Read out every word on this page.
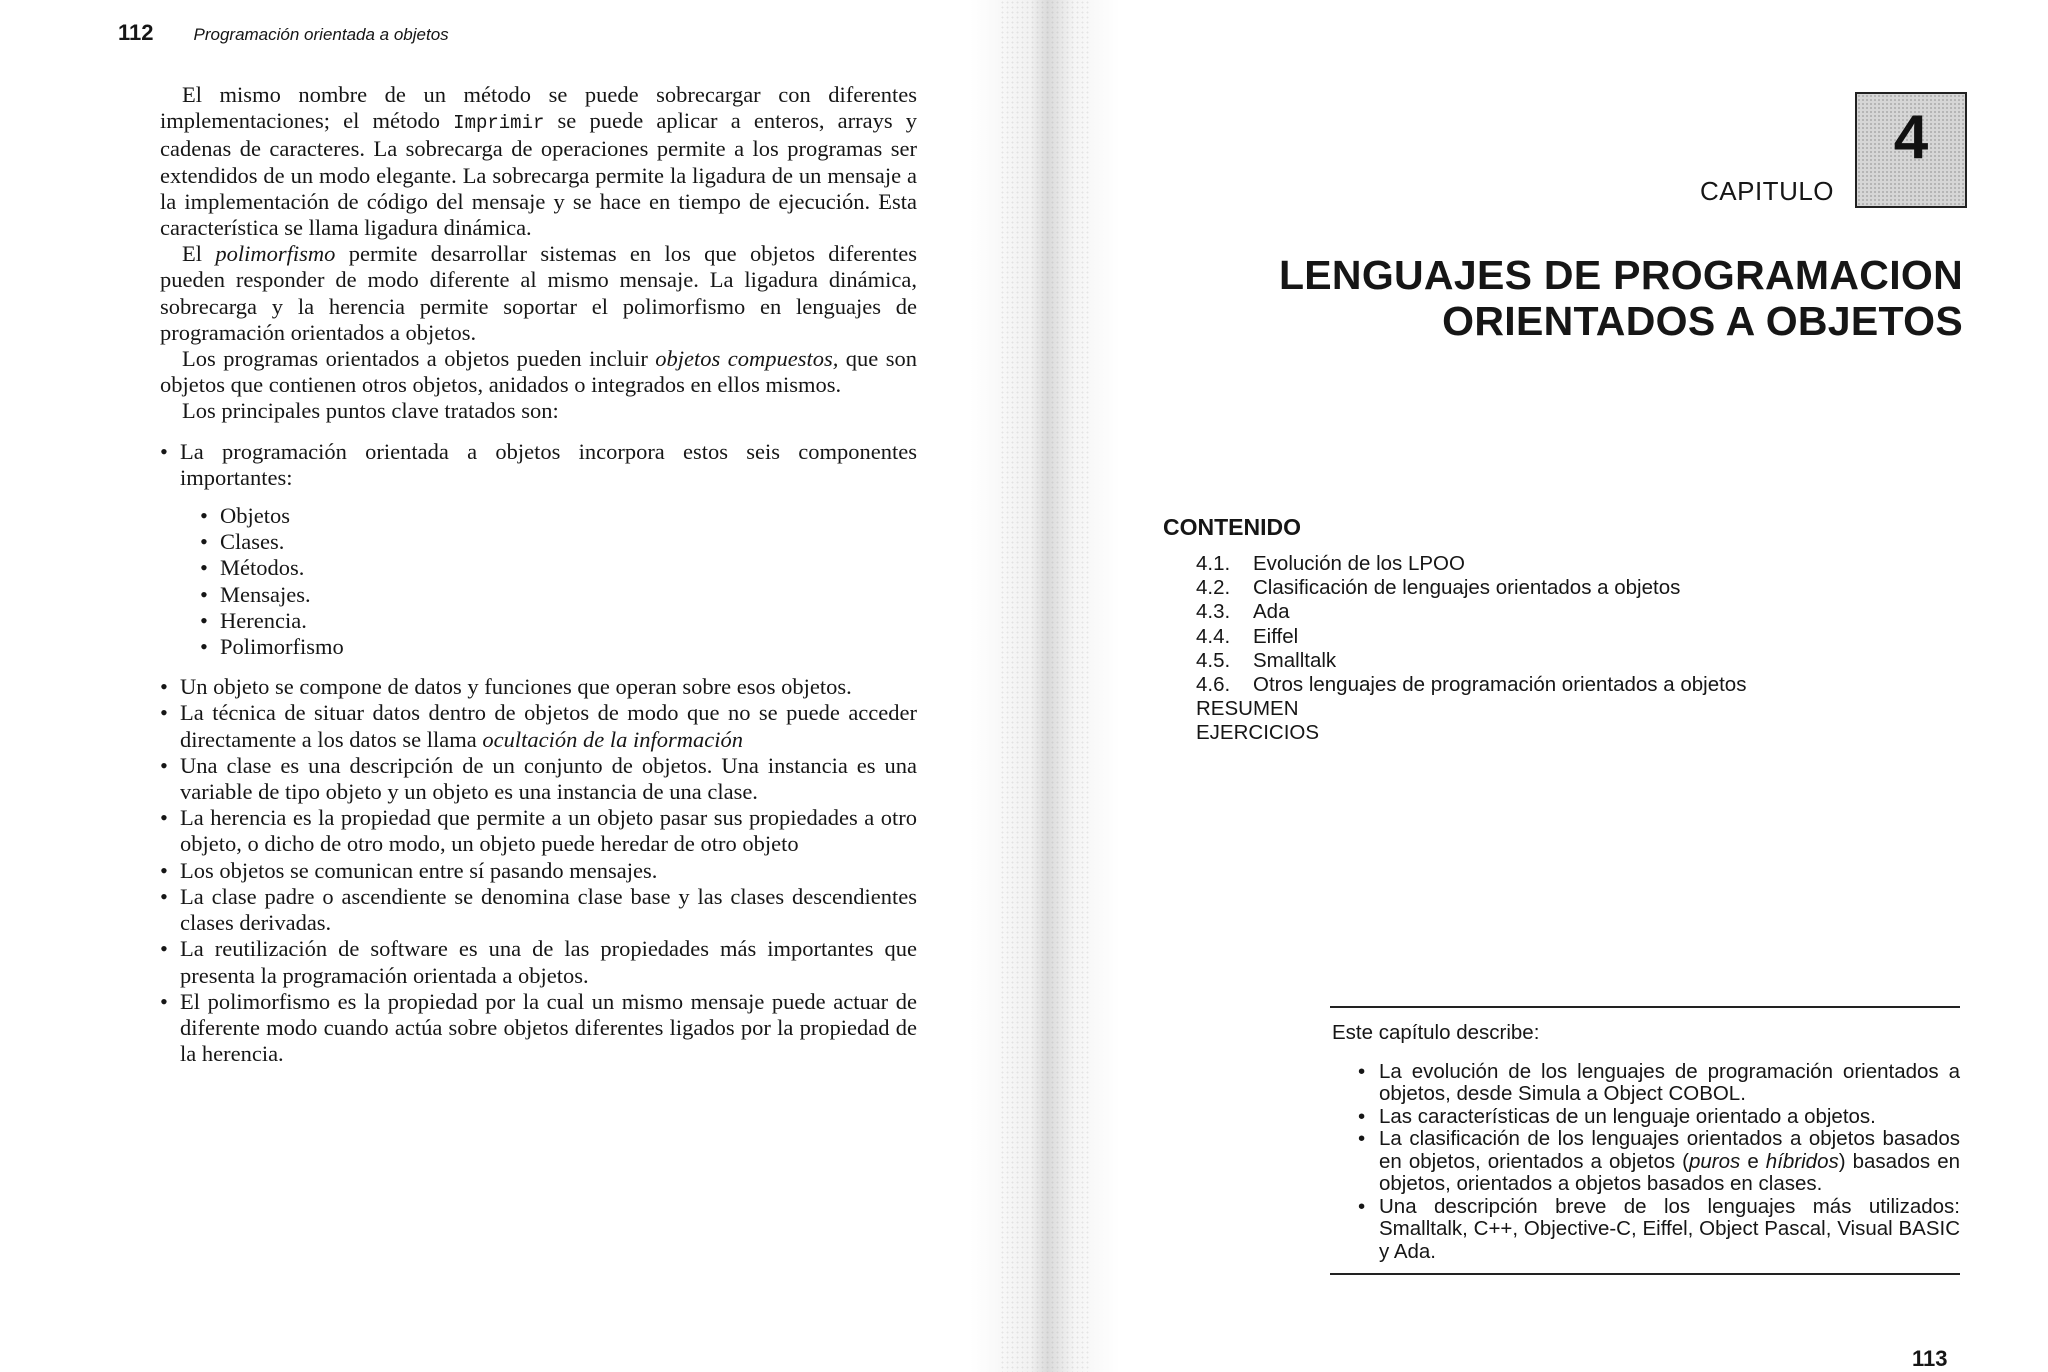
112 Programación orientada a objetos

El mismo nombre de un método se puede sobrecargar con diferentes implementaciones; el método Imprimir se puede aplicar a enteros, arrays y cadenas de caracteres. La sobrecarga de operaciones permite a los programas ser extendidos de un modo elegante. La sobrecarga permite la ligadura de un mensaje a la implementación de código del mensaje y se hace en tiempo de ejecución. Esta característica se llama ligadura dinámica.

El polimorfismo permite desarrollar sistemas en los que objetos diferentes pueden responder de modo diferente al mismo mensaje. La ligadura dinámica, sobrecarga y la herencia permite soportar el polimorfismo en lenguajes de programación orientados a objetos.

Los programas orientados a objetos pueden incluir objetos compuestos, que son objetos que contienen otros objetos, anidados o integrados en ellos mismos.

Los principales puntos clave tratados son:

• La programación orientada a objetos incorpora estos seis componentes importantes:
• Objetos
• Clases.
• Métodos.
• Mensajes.
• Herencia.
• Polimorfismo
• Un objeto se compone de datos y funciones que operan sobre esos objetos.
• La técnica de situar datos dentro de objetos de modo que no se puede acceder directamente a los datos se llama ocultación de la información
• Una clase es una descripción de un conjunto de objetos. Una instancia es una variable de tipo objeto y un objeto es una instancia de una clase.
• La herencia es la propiedad que permite a un objeto pasar sus propiedades a otro objeto, o dicho de otro modo, un objeto puede heredar de otro objeto
• Los objetos se comunican entre sí pasando mensajes.
• La clase padre o ascendiente se denomina clase base y las clases descendientes clases derivadas.
• La reutilización de software es una de las propiedades más importantes que presenta la programación orientada a objetos.
• El polimorfismo es la propiedad por la cual un mismo mensaje puede actuar de diferente modo cuando actúa sobre objetos diferentes ligados por la propiedad de la herencia.
CAPITULO
4
LENGUAJES DE PROGRAMACION
ORIENTADOS A OBJETOS
CONTENIDO
4.1.	Evolución de los LPOO
4.2.	Clasificación de lenguajes orientados a objetos
4.3.	Ada
4.4.	Eiffel
4.5.	Smalltalk
4.6.	Otros lenguajes de programación orientados a objetos
RESUMEN
EJERCICIOS

Este capítulo describe:

• La evolución de los lenguajes de programación orientados a objetos, desde Simula a Object COBOL.
• Las características de un lenguaje orientado a objetos.
• La clasificación de los lenguajes orientados a objetos basados en objetos, orientados a objetos (puros e híbridos) basados en objetos, orientados a objetos basados en clases.
• Una descripción breve de los lenguajes más utilizados: Smalltalk, C++, Objective-C, Eiffel, Object Pascal, Visual BASIC y Ada.
113
